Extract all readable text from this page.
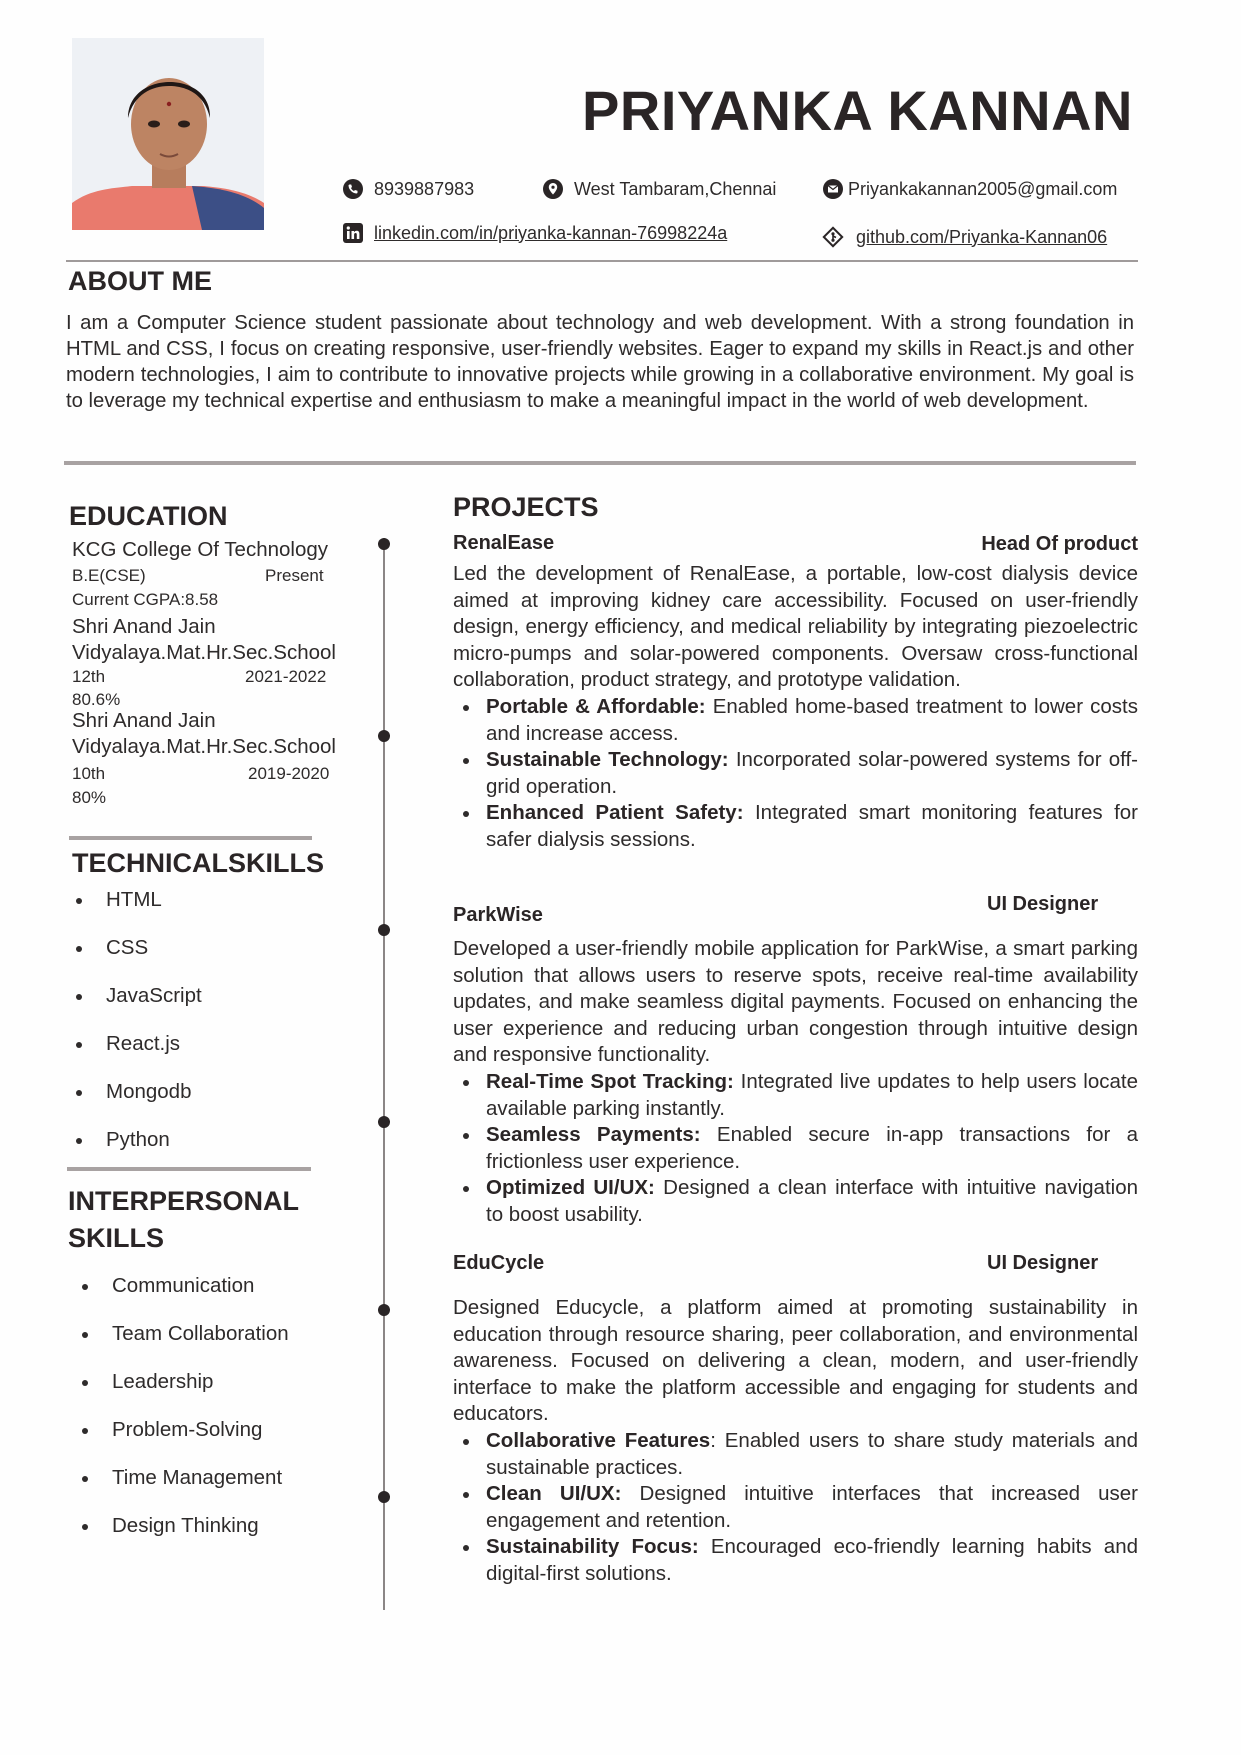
PRIYANKA KANNAN
8939887983	West Tambaram,Chennai	Priyankakannan2005@gmail.com
linkedin.com/in/priyanka-kannan-76998224a	github.com/Priyanka-Kannan06
ABOUT ME
I am a Computer Science student passionate about technology and web development. With a strong foundation in HTML and CSS, I focus on creating responsive, user-friendly websites. Eager to expand my skills in React.js and other modern technologies, I aim to contribute to innovative projects while growing in a collaborative environment. My goal is to leverage my technical expertise and enthusiasm to make a meaningful impact in the world of web development.
EDUCATION
KCG College Of Technology
B.E(CSE)	Present
Current CGPA:8.58
Shri Anand Jain
Vidyalaya.Mat.Hr.Sec.School
12th	2021-2022
80.6%
Shri Anand Jain
Vidyalaya.Mat.Hr.Sec.School
10th	2019-2020
80%
TECHNICALSKILLS
HTML
CSS
JavaScript
React.js
Mongodb
Python
INTERPERSONAL
SKILLS
Communication
Team Collaboration
Leadership
Problem-Solving
Time Management
Design Thinking
PROJECTS
RenalEase	Head Of product
Led the development of RenalEase, a portable, low-cost dialysis device aimed at improving kidney care accessibility. Focused on user-friendly design, energy efficiency, and medical reliability by integrating piezoelectric micro-pumps and solar-powered components. Oversaw cross-functional collaboration, product strategy, and prototype validation.
Portable & Affordable: Enabled home-based treatment to lower costs and increase access.
Sustainable Technology: Incorporated solar-powered systems for off-grid operation.
Enhanced Patient Safety: Integrated smart monitoring features for safer dialysis sessions.
ParkWise	UI Designer
Developed a user-friendly mobile application for ParkWise, a smart parking solution that allows users to reserve spots, receive real-time availability updates, and make seamless digital payments. Focused on enhancing the user experience and reducing urban congestion through intuitive design and responsive functionality.
Real-Time Spot Tracking: Integrated live updates to help users locate available parking instantly.
Seamless Payments: Enabled secure in-app transactions for a frictionless user experience.
Optimized UI/UX: Designed a clean interface with intuitive navigation to boost usability.
EduCycle	UI Designer
Designed Educycle, a platform aimed at promoting sustainability in education through resource sharing, peer collaboration, and environmental awareness. Focused on delivering a clean, modern, and user-friendly interface to make the platform accessible and engaging for students and educators.
Collaborative Features: Enabled users to share study materials and sustainable practices.
Clean UI/UX: Designed intuitive interfaces that increased user engagement and retention.
Sustainability Focus: Encouraged eco-friendly learning habits and digital-first solutions.
